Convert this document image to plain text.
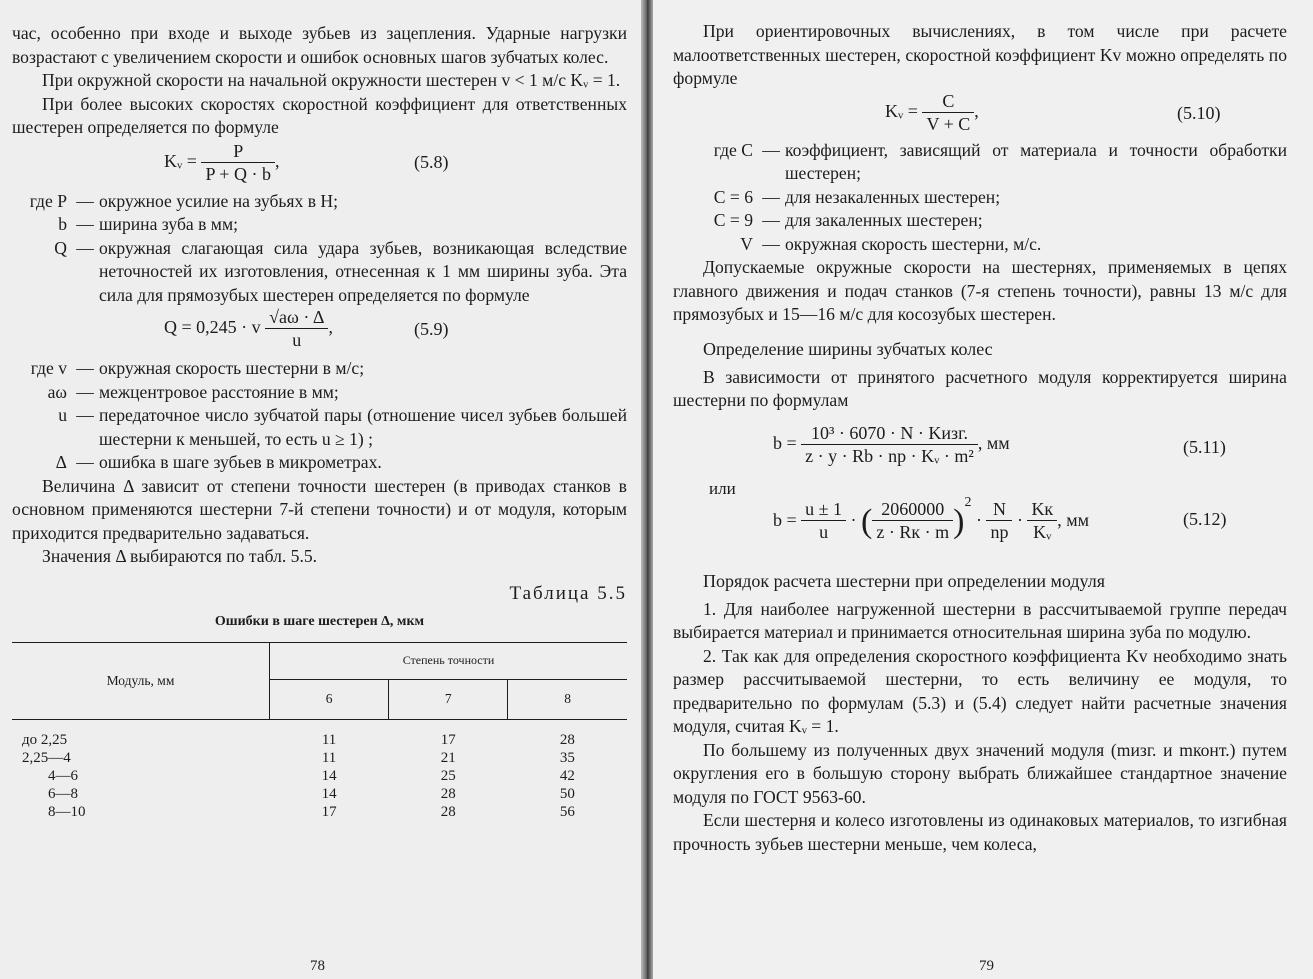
час, особенно при входе и выходе зубьев из зацепления. Ударные нагрузки возрастают с увеличением скорости и ошибок основных шагов зубчатых колес.

При окружной скорости на начальной окружности шестерен v < 1 м/с Kᵥ = 1.

При более высоких скоростях скоростной коэффициент для ответственных шестерен определяется по формуле

Kᵥ = $\frac{P}{P + Q \cdot b}$ ,	(5.8)
где P — окружное усилие на зубьях в Н;
b — ширина зуба в мм;
Q — окружная слагающая сила удара зубьев, возникающая вследствие неточностей их изготовления, отнесенная к 1 мм ширины зуба. Эта сила для прямозубых шестерен определяется по формуле
Q = 0,245 · v $\frac{√a\omega \cdot \Delta}{u}$ ,	(5.9)
где v — окружная скорость шестерни в м/с;
aω — межцентровое расстояние в мм;
u — передаточное число зубчатой пары (отношение чисел зубьев большей шестерни к меньшей, то есть u ≥ 1) ;
Δ — ошибка в шаге зубьев в микрометрах.

Величина Δ зависит от степени точности шестерен (в приводах станков в основном применяются шестерни 7-й степени точности) и от модуля, которым приходится предварительно задаваться.

Значения Δ выбираются по табл. 5.5.

Таблица 5.5
Ошибки в шаге шестерен Δ, мкм
Модуль, мм	Степень точности		
	6	7	8

до 2,25	11	17	28
2,25—4	11	21	35
4—6	14	25	42
6—8	14	28	50
8—10	17	28	56
78

При ориентировочных вычислениях, в том числе при расчете малоответственных шестерен, скоростной коэффициент Kv можно определять по формуле

Kᵥ = $\frac{C}{V + C}$ ,	(5.10)
где C — коэффициент, зависящий от материала и точности обработки шестерен;
C = 6 — для незакаленных шестерен;
C = 9 — для закаленных шестерен;
V — окружная скорость шестерни, м/с.

Допускаемые окружные скорости на шестернях, применяемых в цепях главного движения и подач станков (7-я степень точности), равны 13 м/с для прямозубых и 15—16 м/с для косозубых шестерен.

Определение ширины зубчатых колес

В зависимости от принятого расчетного модуля корректируется ширина шестерни по формулам

$b = \frac{\text{10³ · 6070 · N · Kизг.}}{\text{z · y · Rb · nр · Kᵥ · m²}}$ , мм	(5.11)
или
$b = \frac{u \pm 1}{u}$ · ( $\frac{2060000}{z \cdot Rк \cdot m} )^2 \cdot \frac{N}{nр} \cdot \frac{Kк}{\text{Kᵥ}}$ , мм	(5.12)
Порядок расчета шестерни при определении модуля

1. Для наиболее нагруженной шестерни в рассчитываемой группе передач выбирается материал и принимается относительная ширина зуба по модулю.

2. Так как для определения скоростного коэффициента Kv необходимо знать размер рассчитываемой шестерни, то есть величину ее модуля, то предварительно по формулам (5.3) и (5.4) следует найти расчетные значения модуля, считая Kᵥ = 1.

По большему из полученных двух значений модуля (mизг. и mконт.) путем округления его в большую сторону выбрать ближайшее стандартное значение модуля по ГОСТ 9563-60.

Если шестерня и колесо изготовлены из одинаковых материалов, то изгибная прочность зубьев шестерни меньше, чем колеса,

79
